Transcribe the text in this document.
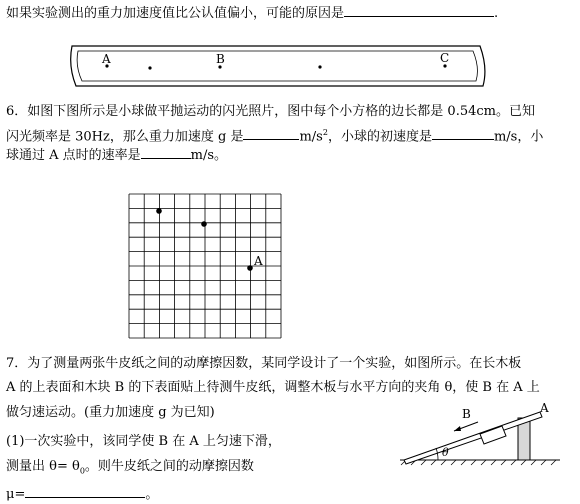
如果实验测出的重力加速度值比公认值偏小，可能的原因是	.
A	B	C
6．如图下图所示是小球做平抛运动的闪光照片，图中每个小方格的边长都是 0.54cm。已知
闪光频率是 30Hz，那么重力加速度 g 是	$m/s^2$，小球的初速度是	m/s，小
球通过 A 点时的速率是	m/s。
A
7．为了测量两张牛皮纸之间的动摩擦因数，某同学设计了一个实验，如图所示。在长木板
A 的上表面和木块 B 的下表面贴上待测牛皮纸，调整木板与水平方向的夹角 θ，使 B 在 A 上
做匀速运动。(重力加速度 g 为已知)
(1)一次实验中，该同学使 B 在 A 上匀速下滑，
测量出 $\theta= \theta_0$。则牛皮纸之间的动摩擦因数
μ=	。
B	A
θ
